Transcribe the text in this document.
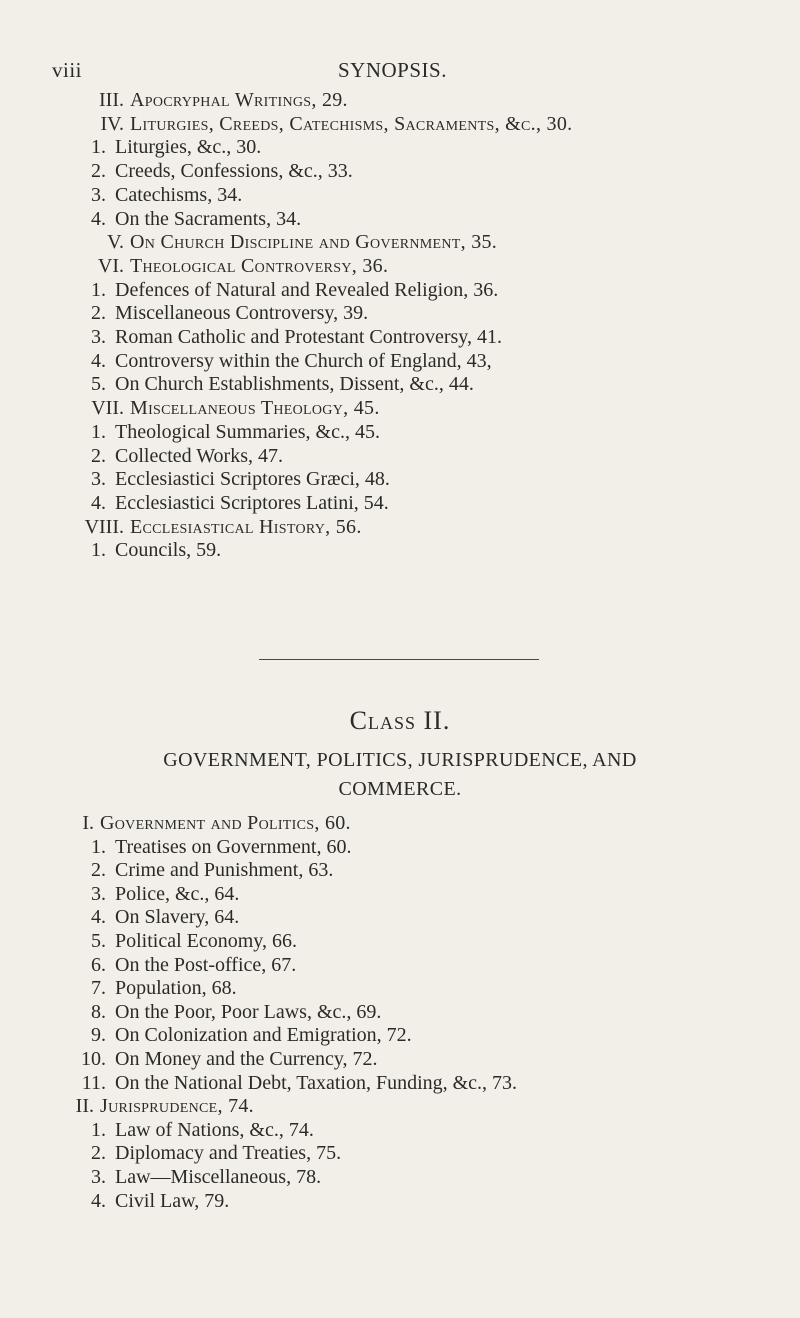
viii	SYNOPSIS.
III. Apocryphal Writings, 29.
IV. Liturgies, Creeds, Catechisms, Sacraments, &c., 30.
1. Liturgies, &c., 30.
2. Creeds, Confessions, &c., 33.
3. Catechisms, 34.
4. On the Sacraments, 34.
V. On Church Discipline and Government, 35.
VI. Theological Controversy, 36.
1. Defences of Natural and Revealed Religion, 36.
2. Miscellaneous Controversy, 39.
3. Roman Catholic and Protestant Controversy, 41.
4. Controversy within the Church of England, 43,
5. On Church Establishments, Dissent, &c., 44.
VII. Miscellaneous Theology, 45.
1. Theological Summaries, &c., 45.
2. Collected Works, 47.
3. Ecclesiastici Scriptores Græci, 48.
4. Ecclesiastici Scriptores Latini, 54.
VIII. Ecclesiastical History, 56.
1. Councils, 59.
Class II.
GOVERNMENT, POLITICS, JURISPRUDENCE, AND
COMMERCE.
I. Government and Politics, 60.
1. Treatises on Government, 60.
2. Crime and Punishment, 63.
3. Police, &c., 64.
4. On Slavery, 64.
5. Political Economy, 66.
6. On the Post-office, 67.
7. Population, 68.
8. On the Poor, Poor Laws, &c., 69.
9. On Colonization and Emigration, 72.
10. On Money and the Currency, 72.
11. On the National Debt, Taxation, Funding, &c., 73.
II. Jurisprudence, 74.
1. Law of Nations, &c., 74.
2. Diplomacy and Treaties, 75.
3. Law—Miscellaneous, 78.
4. Civil Law, 79.
